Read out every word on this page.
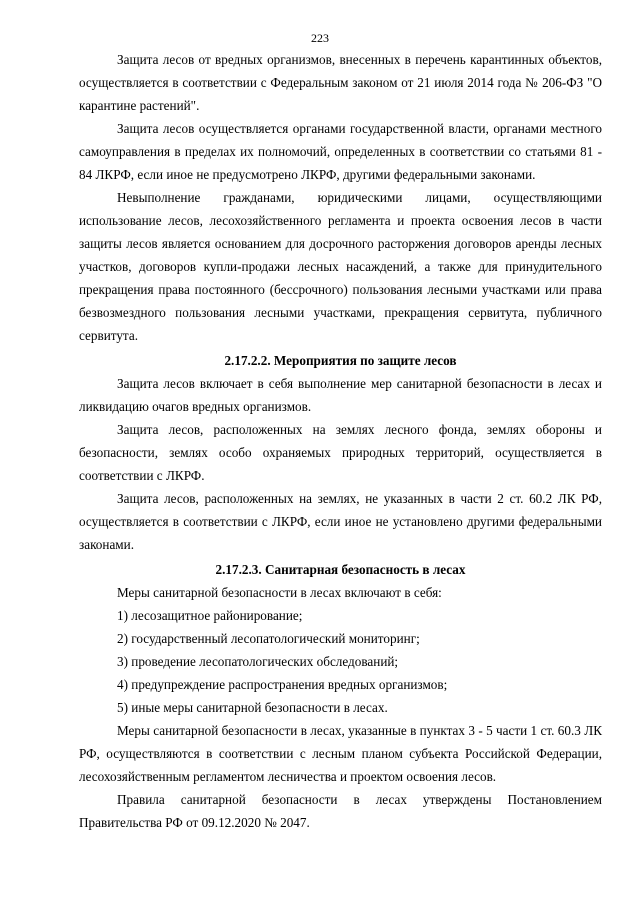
223

Защита лесов от вредных организмов, внесенных в перечень карантинных объектов, осуществляется в соответствии с Федеральным законом от 21 июля 2014 года № 206-ФЗ "О карантине растений".

Защита лесов осуществляется органами государственной власти, органами местного самоуправления в пределах их полномочий, определенных в соответствии со статьями 81 - 84 ЛКРФ, если иное не предусмотрено ЛКРФ, другими федеральными законами.

Невыполнение гражданами, юридическими лицами, осуществляющими использование лесов, лесохозяйственного регламента и проекта освоения лесов в части защиты лесов является основанием для досрочного расторжения договоров аренды лесных участков, договоров купли-продажи лесных насаждений, а также для принудительного прекращения права постоянного (бессрочного) пользования лесными участками или права безвозмездного пользования лесными участками, прекращения сервитута, публичного сервитута.

2.17.2.2. Мероприятия по защите лесов

Защита лесов включает в себя выполнение мер санитарной безопасности в лесах и ликвидацию очагов вредных организмов.

Защита лесов, расположенных на землях лесного фонда, землях обороны и безопасности, землях особо охраняемых природных территорий, осуществляется в соответствии с ЛКРФ.

Защита лесов, расположенных на землях, не указанных в части 2 ст. 60.2 ЛК РФ, осуществляется в соответствии с ЛКРФ, если иное не установлено другими федеральными законами.

2.17.2.3. Санитарная безопасность в лесах

Меры санитарной безопасности в лесах включают в себя:

1) лесозащитное районирование;

2) государственный лесопатологический мониторинг;

3) проведение лесопатологических обследований;

4) предупреждение распространения вредных организмов;

5) иные меры санитарной безопасности в лесах.

Меры санитарной безопасности в лесах, указанные в пунктах 3 - 5 части 1 ст. 60.3 ЛК РФ, осуществляются в соответствии с лесным планом субъекта Российской Федерации, лесохозяйственным регламентом лесничества и проектом освоения лесов.

Правила санитарной безопасности в лесах утверждены Постановлением Правительства РФ от 09.12.2020 № 2047.
